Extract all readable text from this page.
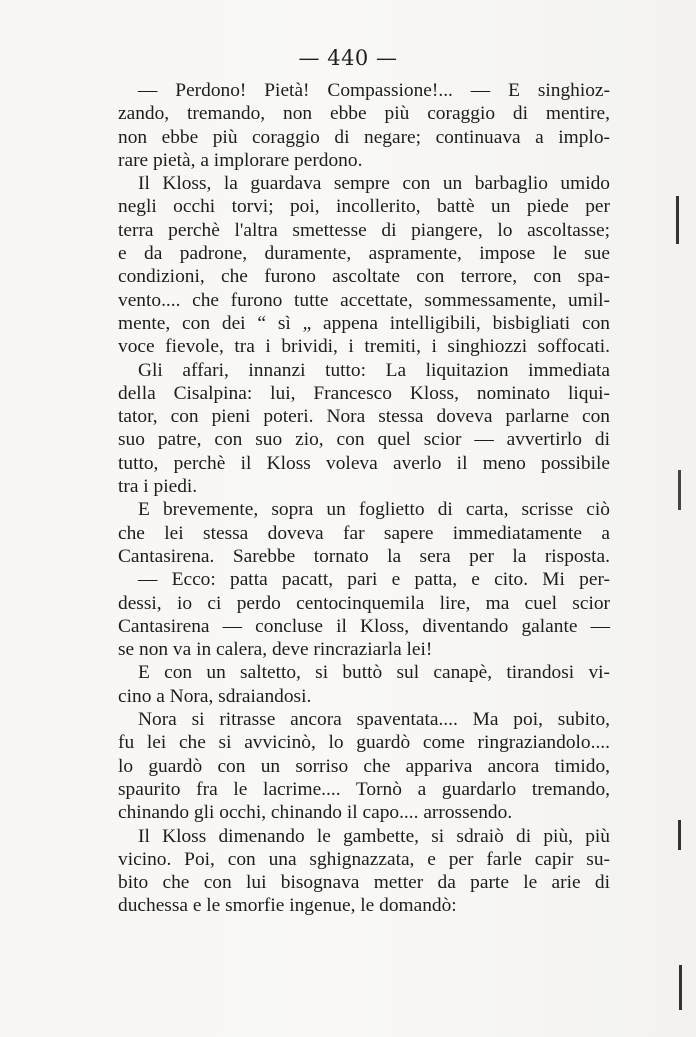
— 440 —
— Perdono! Pietà! Compassione!... — E singhioz-
zando, tremando, non ebbe più coraggio di mentire,
non ebbe più coraggio di negare; continuava a implo-
rare pietà, a implorare perdono.
Il Kloss, la guardava sempre con un barbaglio umido
negli occhi torvi; poi, incollerito, battè un piede per
terra perchè l'altra smettesse di piangere, lo ascoltasse;
e da padrone, duramente, aspramente, impose le sue
condizioni, che furono ascoltate con terrore, con spa-
vento.... che furono tutte accettate, sommessamente, umil-
mente, con dei “ sì „ appena intelligibili, bisbigliati con
voce fievole, tra i brividi, i tremiti, i singhiozzi soffocati.
Gli affari, innanzi tutto: La liquitazion immediata
della Cisalpina: lui, Francesco Kloss, nominato liqui-
tator, con pieni poteri. Nora stessa doveva parlarne con
suo patre, con suo zio, con quel scior — avvertirlo di
tutto, perchè il Kloss voleva averlo il meno possibile
tra i piedi.
E brevemente, sopra un foglietto di carta, scrisse ciò
che lei stessa doveva far sapere immediatamente a
Cantasirena. Sarebbe tornato la sera per la risposta.
— Ecco: patta pacatt, pari e patta, e cito. Mi per-
dessi, io ci perdo centocinquemila lire, ma cuel scior
Cantasirena — concluse il Kloss, diventando galante —
se non va in calera, deve rincraziarla lei!
E con un saltetto, si buttò sul canapè, tirandosi vi-
cino a Nora, sdraiandosi.
Nora si ritrasse ancora spaventata.... Ma poi, subito,
fu lei che si avvicinò, lo guardò come ringraziandolo....
lo guardò con un sorriso che appariva ancora timido,
spaurito fra le lacrime.... Tornò a guardarlo tremando,
chinando gli occhi, chinando il capo.... arrossendo.
Il Kloss dimenando le gambette, si sdraiò di più, più
vicino. Poi, con una sghignazzata, e per farle capir su-
bito che con lui bisognava metter da parte le arie di
duchessa e le smorfie ingenue, le domandò:
